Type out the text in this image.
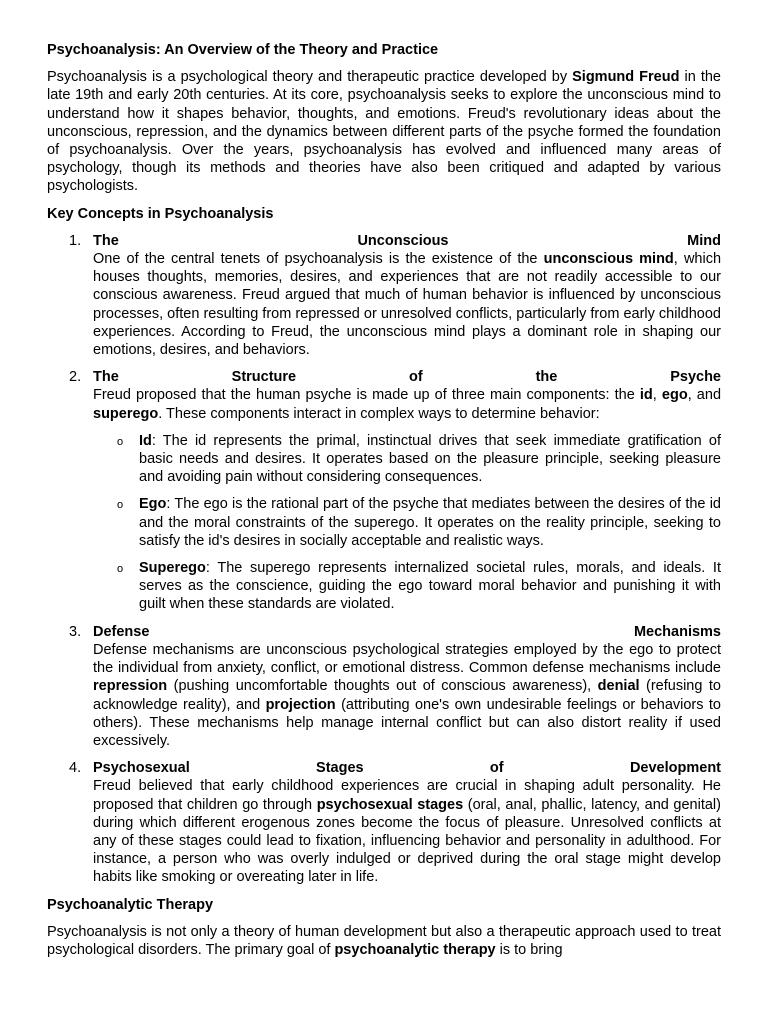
Psychoanalysis: An Overview of the Theory and Practice

Psychoanalysis is a psychological theory and therapeutic practice developed by Sigmund Freud in the late 19th and early 20th centuries. At its core, psychoanalysis seeks to explore the unconscious mind to understand how it shapes behavior, thoughts, and emotions. Freud's revolutionary ideas about the unconscious, repression, and the dynamics between different parts of the psyche formed the foundation of psychoanalysis. Over the years, psychoanalysis has evolved and influenced many areas of psychology, though its methods and theories have also been critiqued and adapted by various psychologists.

Key Concepts in Psychoanalysis
1. The Unconscious Mind

One of the central tenets of psychoanalysis is the existence of the unconscious mind, which houses thoughts, memories, desires, and experiences that are not readily accessible to our conscious awareness. Freud argued that much of human behavior is influenced by unconscious processes, often resulting from repressed or unresolved conflicts, particularly from early childhood experiences. According to Freud, the unconscious mind plays a dominant role in shaping our emotions, desires, and behaviors.

2. The Structure of the Psyche

Freud proposed that the human psyche is made up of three main components: the id, ego, and superego. These components interact in complex ways to determine behavior:

o Id: The id represents the primal, instinctual drives that seek immediate gratification of basic needs and desires. It operates based on the pleasure principle, seeking pleasure and avoiding pain without considering consequences.
o Ego: The ego is the rational part of the psyche that mediates between the desires of the id and the moral constraints of the superego. It operates on the reality principle, seeking to satisfy the id's desires in socially acceptable and realistic ways.
o Superego: The superego represents internalized societal rules, morals, and ideals. It serves as the conscience, guiding the ego toward moral behavior and punishing it with guilt when these standards are violated.
3. Defense Mechanisms

Defense mechanisms are unconscious psychological strategies employed by the ego to protect the individual from anxiety, conflict, or emotional distress. Common defense mechanisms include repression (pushing uncomfortable thoughts out of conscious awareness), denial (refusing to acknowledge reality), and projection (attributing one's own undesirable feelings or behaviors to others). These mechanisms help manage internal conflict but can also distort reality if used excessively.

4. Psychosexual Stages of Development

Freud believed that early childhood experiences are crucial in shaping adult personality. He proposed that children go through psychosexual stages (oral, anal, phallic, latency, and genital) during which different erogenous zones become the focus of pleasure. Unresolved conflicts at any of these stages could lead to fixation, influencing behavior and personality in adulthood. For instance, a person who was overly indulged or deprived during the oral stage might develop habits like smoking or overeating later in life.

Psychoanalytic Therapy

Psychoanalysis is not only a theory of human development but also a therapeutic approach used to treat psychological disorders. The primary goal of psychoanalytic therapy is to bring
